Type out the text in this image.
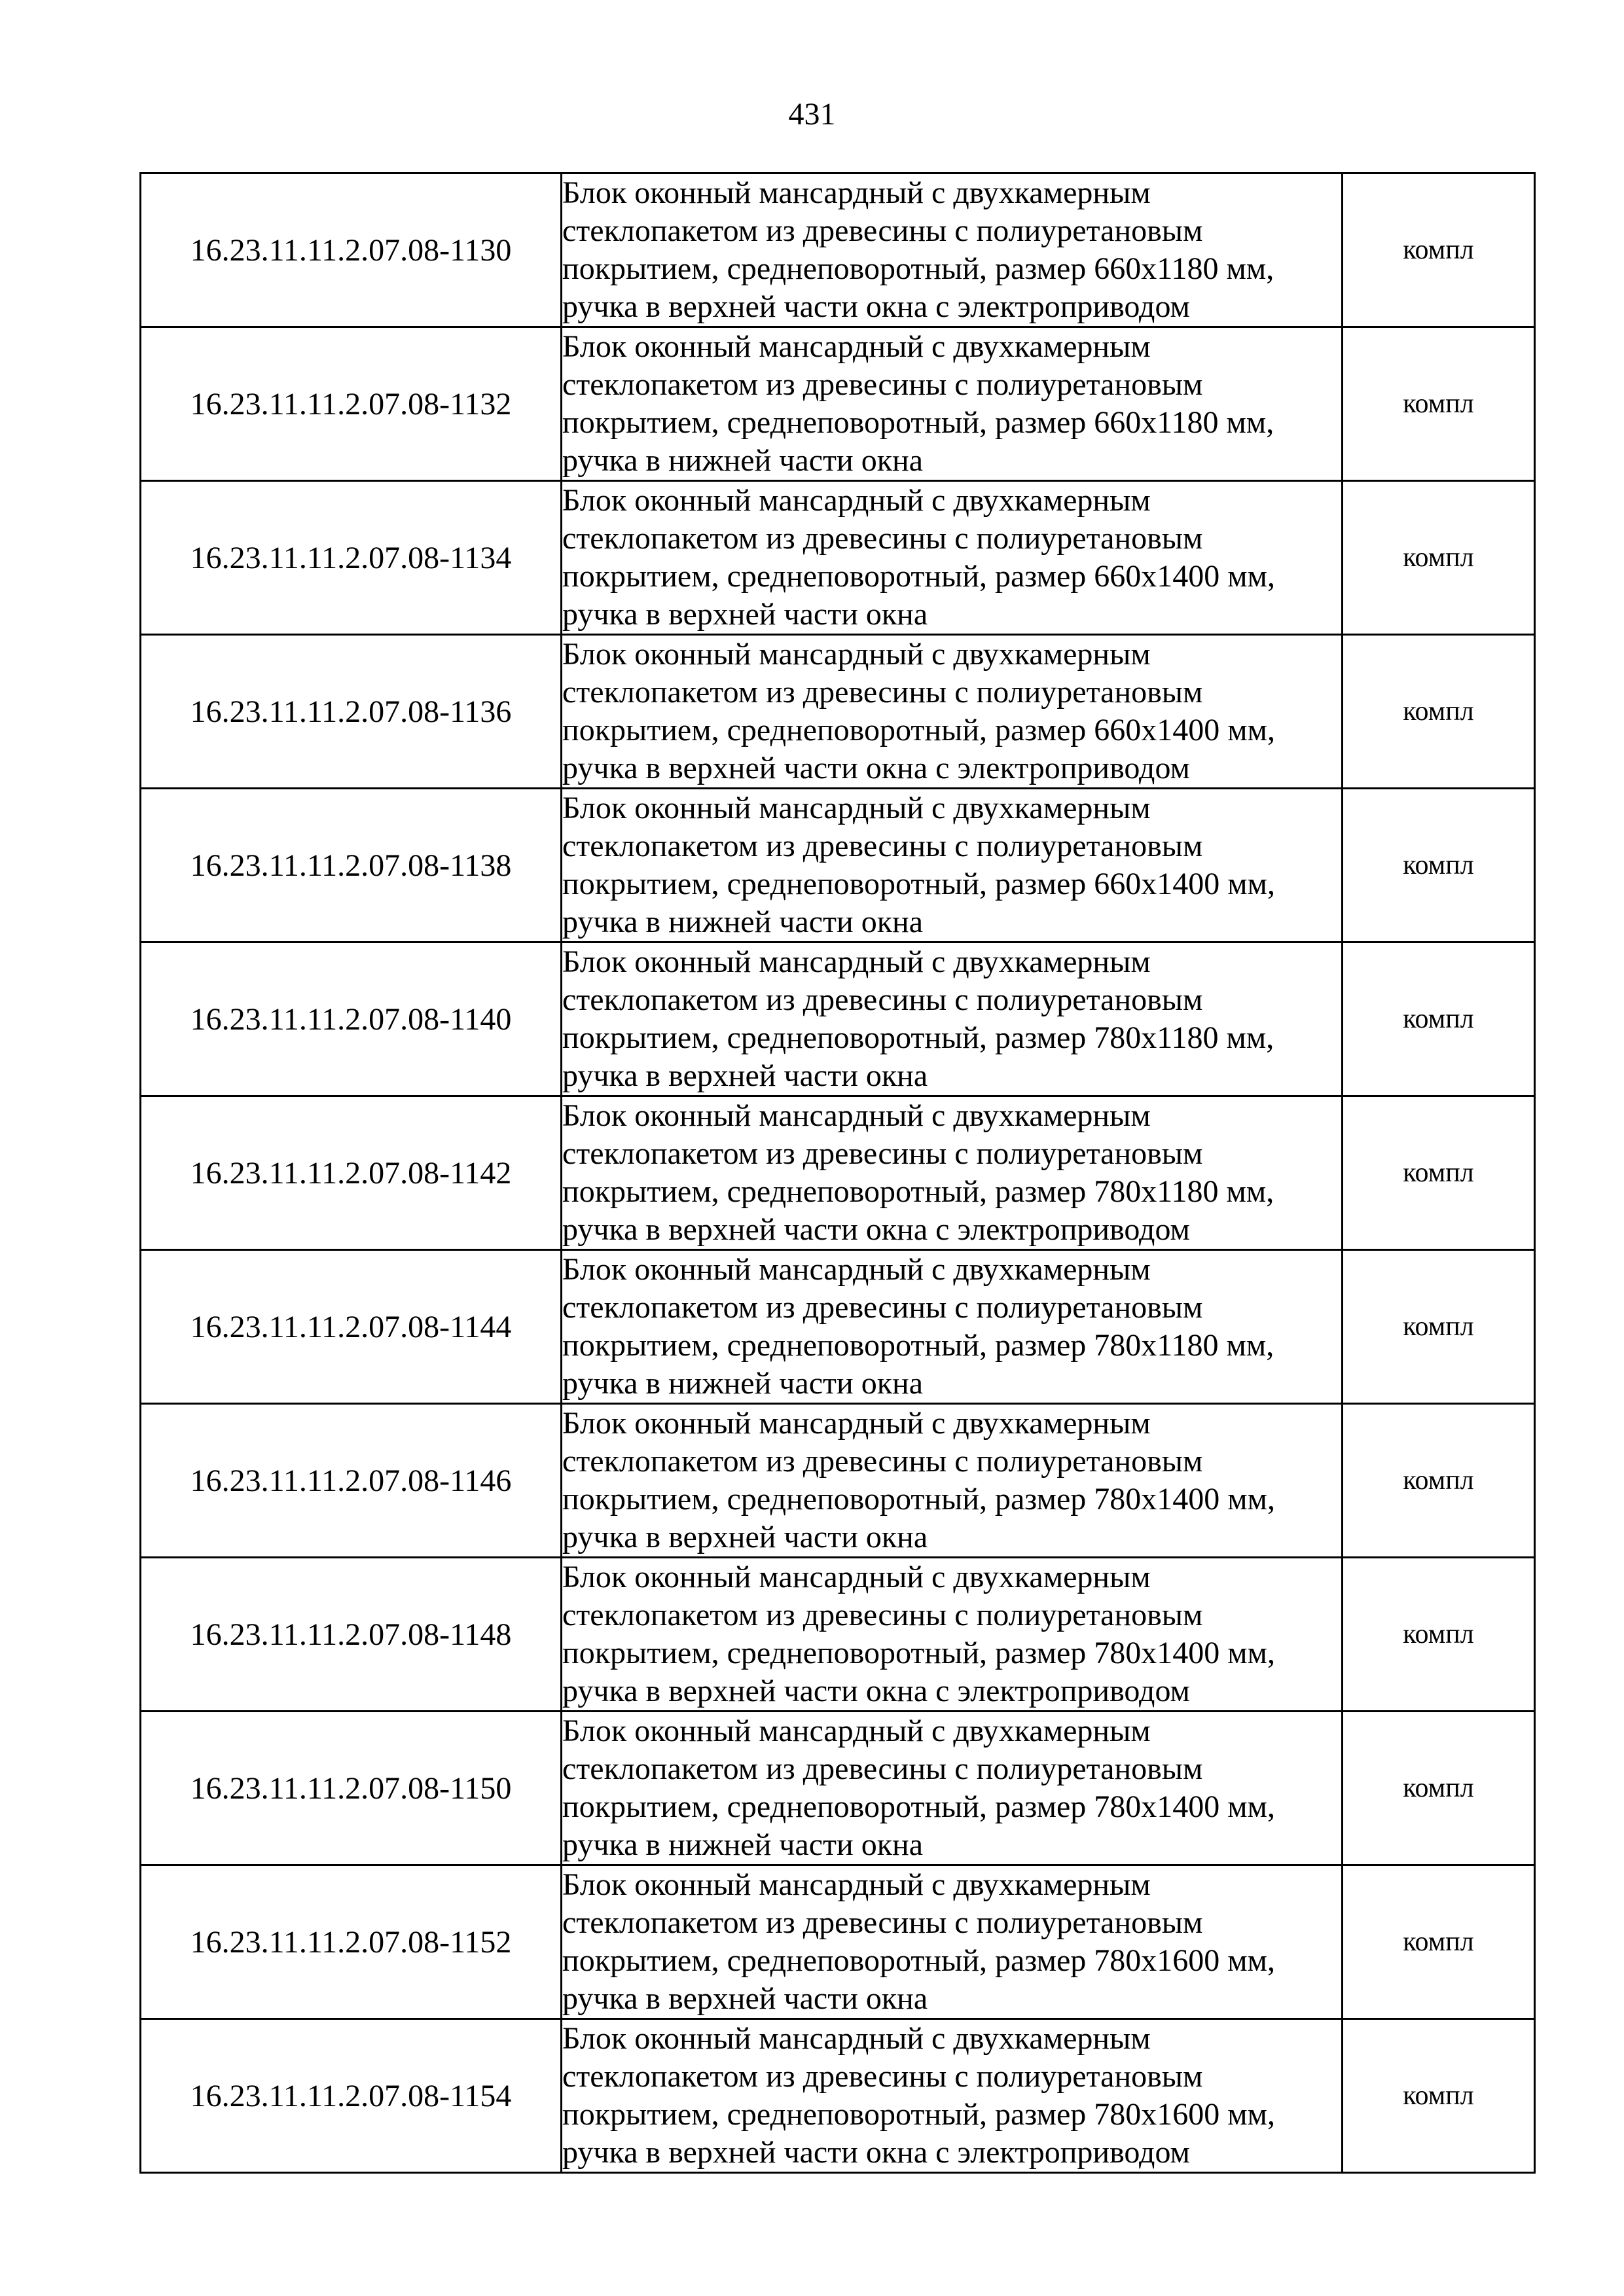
431
16.23.11.11.2.07.08-1130	Блок оконный мансардный с двухкамерным
стеклопакетом из древесины с полиуретановым
покрытием, среднеповоротный, размер 660х1180 мм,
ручка в верхней части окна с электроприводом	компл
16.23.11.11.2.07.08-1132	Блок оконный мансардный с двухкамерным
стеклопакетом из древесины с полиуретановым
покрытием, среднеповоротный, размер 660х1180 мм,
ручка в нижней части окна	компл
16.23.11.11.2.07.08-1134	Блок оконный мансардный с двухкамерным
стеклопакетом из древесины с полиуретановым
покрытием, среднеповоротный, размер 660х1400 мм,
ручка в верхней части окна	компл
16.23.11.11.2.07.08-1136	Блок оконный мансардный с двухкамерным
стеклопакетом из древесины с полиуретановым
покрытием, среднеповоротный, размер 660х1400 мм,
ручка в верхней части окна с электроприводом	компл
16.23.11.11.2.07.08-1138	Блок оконный мансардный с двухкамерным
стеклопакетом из древесины с полиуретановым
покрытием, среднеповоротный, размер 660х1400 мм,
ручка в нижней части окна	компл
16.23.11.11.2.07.08-1140	Блок оконный мансардный с двухкамерным
стеклопакетом из древесины с полиуретановым
покрытием, среднеповоротный, размер 780х1180 мм,
ручка в верхней части окна	компл
16.23.11.11.2.07.08-1142	Блок оконный мансардный с двухкамерным
стеклопакетом из древесины с полиуретановым
покрытием, среднеповоротный, размер 780х1180 мм,
ручка в верхней части окна с электроприводом	компл
16.23.11.11.2.07.08-1144	Блок оконный мансардный с двухкамерным
стеклопакетом из древесины с полиуретановым
покрытием, среднеповоротный, размер 780х1180 мм,
ручка в нижней части окна	компл
16.23.11.11.2.07.08-1146	Блок оконный мансардный с двухкамерным
стеклопакетом из древесины с полиуретановым
покрытием, среднеповоротный, размер 780х1400 мм,
ручка в верхней части окна	компл
16.23.11.11.2.07.08-1148	Блок оконный мансардный с двухкамерным
стеклопакетом из древесины с полиуретановым
покрытием, среднеповоротный, размер 780х1400 мм,
ручка в верхней части окна с электроприводом	компл
16.23.11.11.2.07.08-1150	Блок оконный мансардный с двухкамерным
стеклопакетом из древесины с полиуретановым
покрытием, среднеповоротный, размер 780х1400 мм,
ручка в нижней части окна	компл
16.23.11.11.2.07.08-1152	Блок оконный мансардный с двухкамерным
стеклопакетом из древесины с полиуретановым
покрытием, среднеповоротный, размер 780х1600 мм,
ручка в верхней части окна	компл
16.23.11.11.2.07.08-1154	Блок оконный мансардный с двухкамерным
стеклопакетом из древесины с полиуретановым
покрытием, среднеповоротный, размер 780х1600 мм,
ручка в верхней части окна с электроприводом	компл
